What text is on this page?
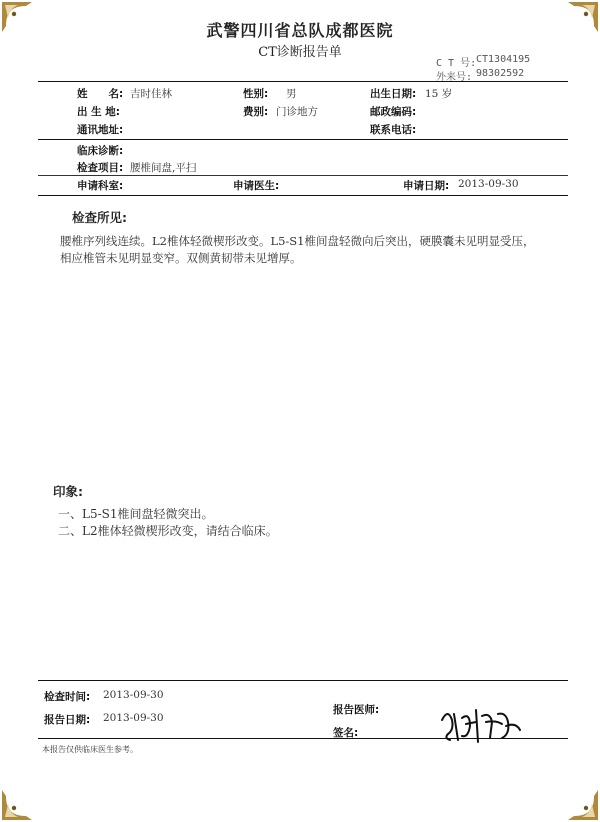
武警四川省总队成都医院
CT诊断报告单
C T 号: CT1304195
外来号: 98302592
姓　　名: 吉时佳林	性别: 男	出生日期: 15 岁
出 生 地:	费别: 门诊地方	邮政编码:
通讯地址:	联系电话:
临床诊断:
检查项目: 腰椎间盘,平扫
申请科室:	申请医生:	申请日期: 2013-09-30
检查所见:
腰椎序列线连续。L2椎体轻微楔形改变。L5-S1椎间盘轻微向后突出，硬膜囊未见明显受压，相应椎管未见明显变窄。双侧黄韧带未见增厚。
印象:
一、L5-S1椎间盘轻微突出。
二、L2椎体轻微楔形改变，请结合临床。
检查时间: 2013-09-30
报告医师:
报告日期: 2013-09-30
签名:
本报告仅供临床医生参考。
